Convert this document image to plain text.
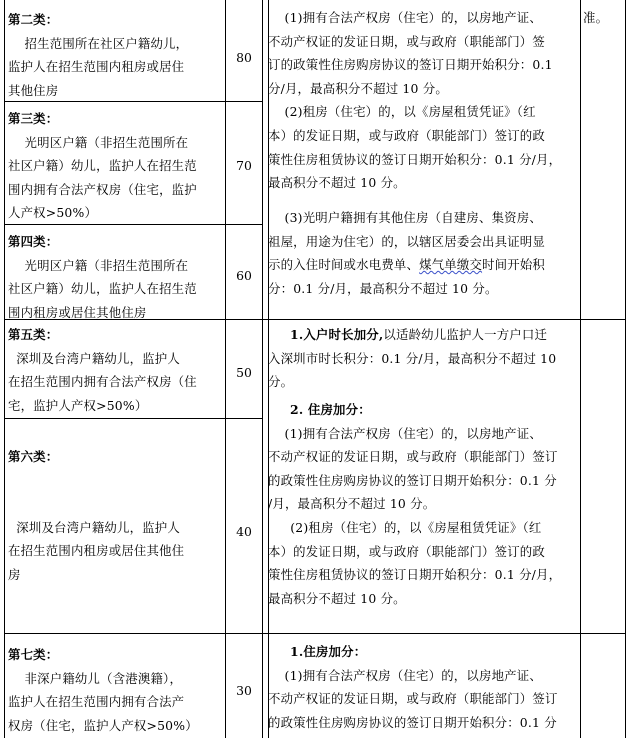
第二类：
招生范围所在社区户籍幼儿，
监护人在招生范围内租房或居住
其他住房
第三类：
光明区户籍（非招生范围所在
社区户籍）幼儿，监护人在招生范
围内拥有合法产权房（住宅，监护
人产权>50%）
第四类：
光明区户籍（非招生范围所在
社区户籍）幼儿，监护人在招生范
围内租房或居住其他住房
第五类：
深圳及台湾户籍幼儿，监护人
在招生范围内拥有合法产权房（住
宅，监护人产权>50%）
第六类：
深圳及台湾户籍幼儿，监护人
在招生范围内租房或居住其他住
房
第七类：
非深户籍幼儿（含港澳籍），
监护人在招生范围内拥有合法产
权房（住宅，监护人产权>50%）
80
70
60
50
40
30
(1)拥有合法产权房（住宅）的，以房地产证、
不动产权证的发证日期，或与政府（职能部门）签
订的政策性住房购房协议的签订日期开始积分：0.1
分/月，最高积分不超过 10 分。
(2)租房（住宅）的，以《房屋租赁凭证》（红
本）的发证日期，或与政府（职能部门）签订的政
策性住房租赁协议的签订日期开始积分：0.1 分/月，
最高积分不超过 10 分。
(3)光明户籍拥有其他住房（自建房、集资房、
祖屋，用途为住宅）的，以辖区居委会出具证明显
示的入住时间或水电费单、煤气单缴交时间开始积
分：0.1 分/月，最高积分不超过 10 分。
1.入户时长加分,以适龄幼儿监护人一方户口迁
入深圳市时长积分：0.1 分/月，最高积分不超过 10
分。
2. 住房加分：
(1)拥有合法产权房（住宅）的，以房地产证、
不动产权证的发证日期，或与政府（职能部门）签订
的政策性住房购房协议的签订日期开始积分：0.1 分
/月，最高积分不超过 10 分。
(2)租房（住宅）的，以《房屋租赁凭证》（红
本）的发证日期，或与政府（职能部门）签订的政
策性住房租赁协议的签订日期开始积分：0.1 分/月，
最高积分不超过 10 分。
1.住房加分：
(1)拥有合法产权房（住宅）的，以房地产证、
不动产权证的发证日期，或与政府（职能部门）签订
的政策性住房购房协议的签订日期开始积分：0.1 分
准。
